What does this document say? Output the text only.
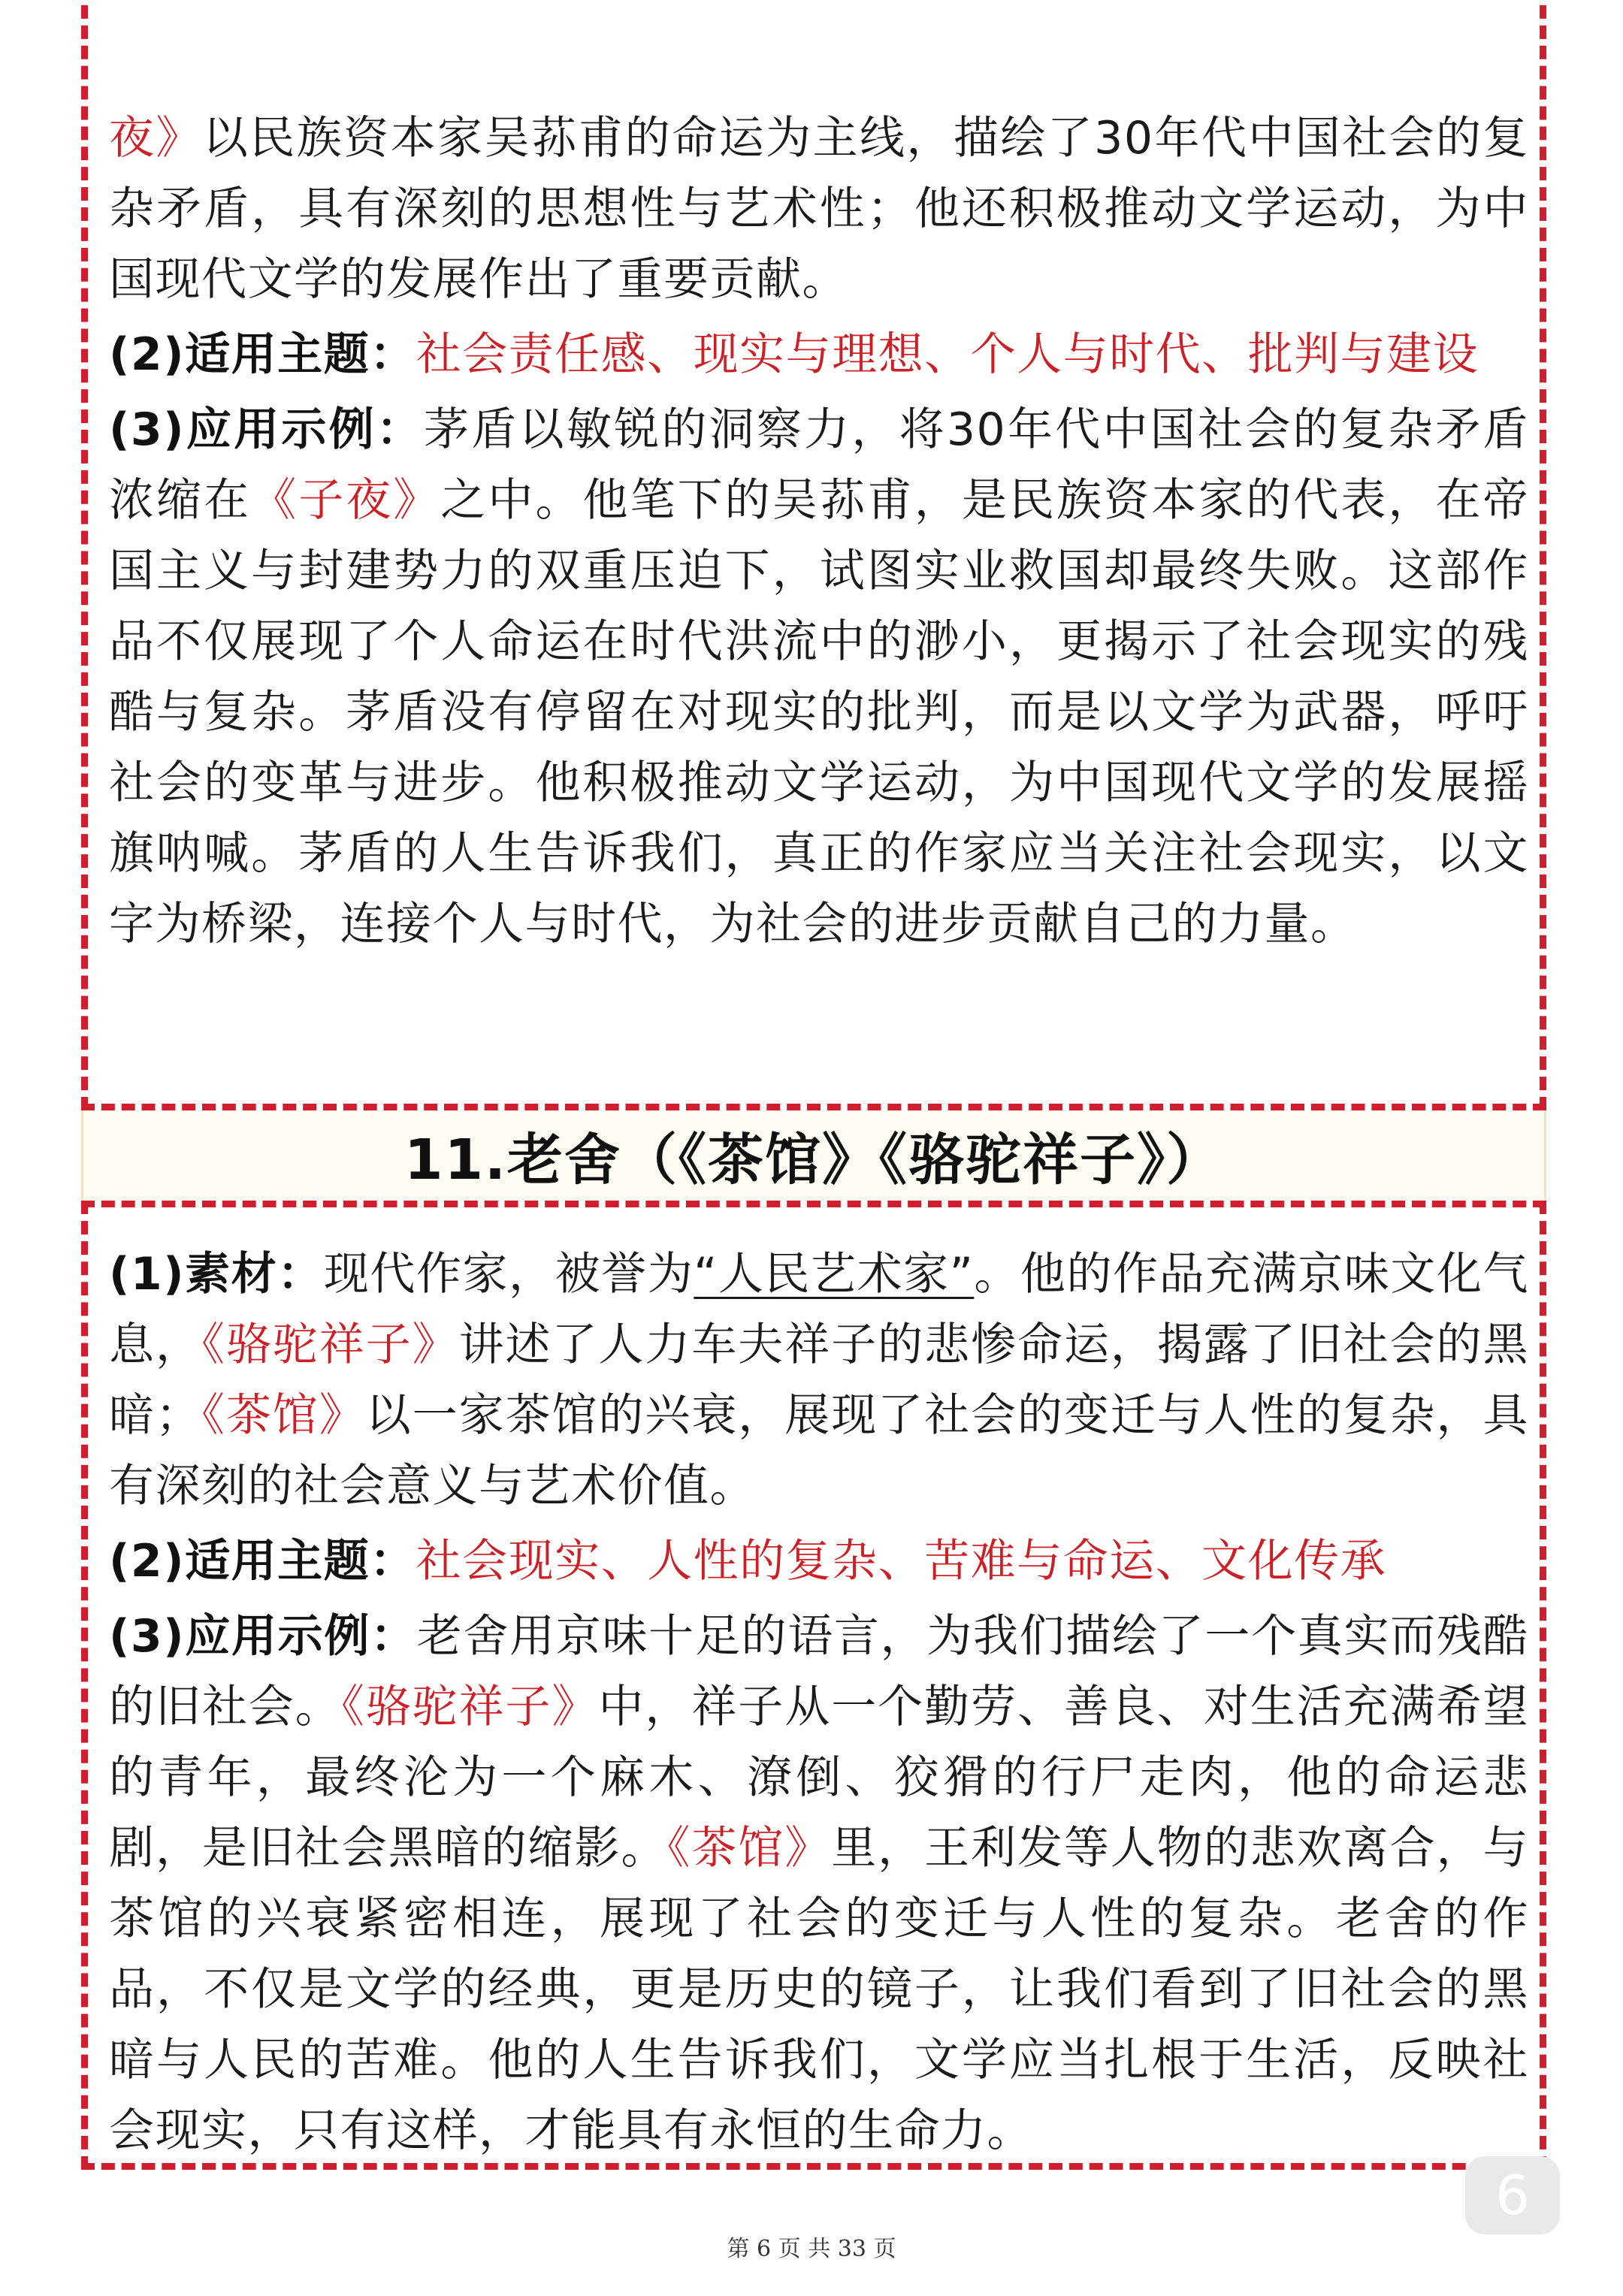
夜》以民族资本家吴荪甫的命运为主线，描绘了30年代中国社会的复杂矛盾，具有深刻的思想性与艺术性；他还积极推动文学运动，为中国现代文学的发展作出了重要贡献。

(2)适用主题：社会责任感、现实与理想、个人与时代、批判与建设

(3)应用示例：茅盾以敏锐的洞察力，将30年代中国社会的复杂矛盾浓缩在《子夜》之中。他笔下的吴荪甫，是民族资本家的代表，在帝国主义与封建势力的双重压迫下，试图实业救国却最终失败。这部作品不仅展现了个人命运在时代洪流中的渺小，更揭示了社会现实的残酷与复杂。茅盾没有停留在对现实的批判，而是以文学为武器，呼吁社会的变革与进步。他积极推动文学运动，为中国现代文学的发展摇旗呐喊。茅盾的人生告诉我们，真正的作家应当关注社会现实，以文字为桥梁，连接个人与时代，为社会的进步贡献自己的力量。

11.老舍（《茶馆》《骆驼祥子》）

(1)素材：现代作家，被誉为“人民艺术家”。他的作品充满京味文化气息，《骆驼祥子》讲述了人力车夫祥子的悲惨命运，揭露了旧社会的黑暗；《茶馆》以一家茶馆的兴衰，展现了社会的变迁与人性的复杂，具有深刻的社会意义与艺术价值。

(2)适用主题：社会现实、人性的复杂、苦难与命运、文化传承

(3)应用示例：老舍用京味十足的语言，为我们描绘了一个真实而残酷的旧社会。《骆驼祥子》中，祥子从一个勤劳、善良、对生活充满希望的青年，最终沦为一个麻木、潦倒、狡猾的行尸走肉，他的命运悲剧，是旧社会黑暗的缩影。《茶馆》里，王利发等人物的悲欢离合，与茶馆的兴衰紧密相连，展现了社会的变迁与人性的复杂。老舍的作品，不仅是文学的经典，更是历史的镜子，让我们看到了旧社会的黑暗与人民的苦难。他的人生告诉我们，文学应当扎根于生活，反映社会现实，只有这样，才能具有永恒的生命力。

6
第 6 页 共 33 页
